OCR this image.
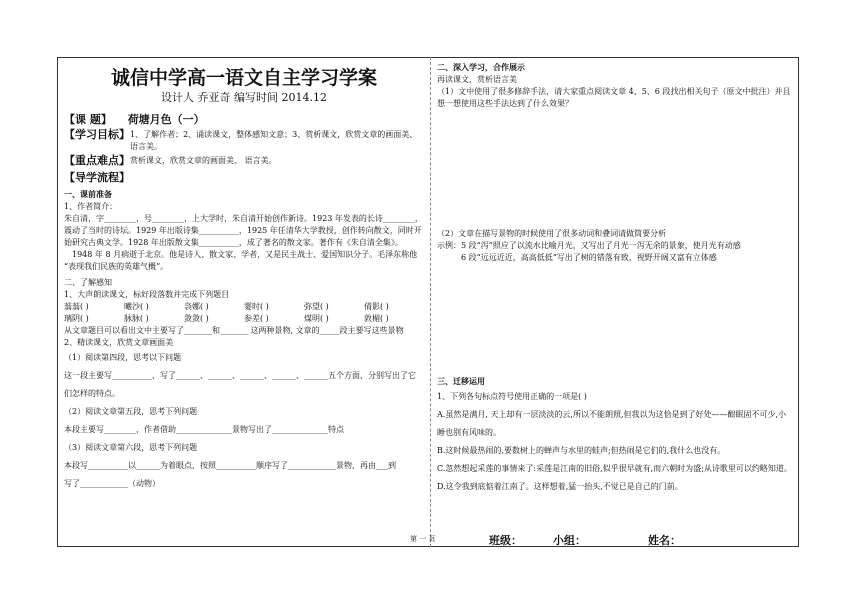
诚信中学高一语文自主学习学案
设计人 乔亚奇 编写时间 2014.12
【课 题】 荷塘月色（一）
【学习目标】 1、了解作者；2、诵读课文，整体感知文意；3、赏析课文，欣赏文章的画面美、语言美。
【重点难点】 赏析课文，欣赏文章的画面美、 语言美。
【导学流程】

一、课前准备

1、作者简介：

朱自清，字________，号________，上大学时，朱自清开始创作新诗。1923 年发表的长诗________，

震动了当时的诗坛。1929 年出版诗集__________，1925 年任清华大学教授，创作转向散文，同时开

始研究古典文学。1928 年出版散文集__________，成了著名的散文家。著作有《朱自清全集》。

　1948 年 8 月病逝于北京。他是诗人、散文家、学者，又是民主战士、爱国知识分子。毛泽东称他

“表现我们民族的英雄气概”。

二、了解感知

1、大声朗读课文，标好段落数并完成下列题目

蓊蓊( )	曦沙( )	袅娜( )	霎时( )	弥望( )	倩影( )
璃阴( )	脉脉( )	敛敛( )	参差( )	煤明( )	敦楣( )

从文章题目可以看出文中主要写了_______和_______ 这两种景物, 文章的_____段主要写这些景物

2、精读课文，欣赏文章画面美

（1）阅读第四段，思考以下问题

这一段主要写__________，写了______、______、______、______、______五个方面，分别写出了它

们怎样的特点。

（2）阅读文章第五段，思考下列问题

本段主要写________，作者借助______________景物写出了______________特点

（3）阅读文章第六段，思考下列问题

本段写__________以______为着眼点，按照__________顺序写了____________景物，再由___到

写了____________（动物）

二、深入学习，合作展示

再读课文，赏析语言美

（1）文中使用了很多修辞手法，请大家重点阅读文章 4、5、6 段找出相关句子（原文中批注）并且

想一想使用这些手法达到了什么效果？

（2）文章在描写景物的时候使用了很多动词和叠词请做简要分析

示例：5 段“泻”照应了以流水比喻月光，又写出了月光一泻无余的景象，使月光有动感

　　　6 段“远远近近，高高低低”写出了树的错落有致，视野开阔又富有立体感

三、迁移运用

1、下列各句标点符号使用正确的一项是( )

A.虽然是满月, 天上却有一层淡淡的云,所以不能朗照,但我以为这恰是到了好处——酣眠固不可少,小

睡也别有风味的。

B.这时候最热闹的,要数树上的蝉声与水里的蛙声;但热闹是它们的,我什么也没有。

C.忽然想起采莲的事情来了:采莲是江南的旧俗,似乎很早就有,而六朝时为盛;从诗歌里可以约略知道。

D.这令我到底惦着江南了。这样想着,猛一抬头,不觉已是自己的门前。

第 一 页	班级：	小组：	姓名：
